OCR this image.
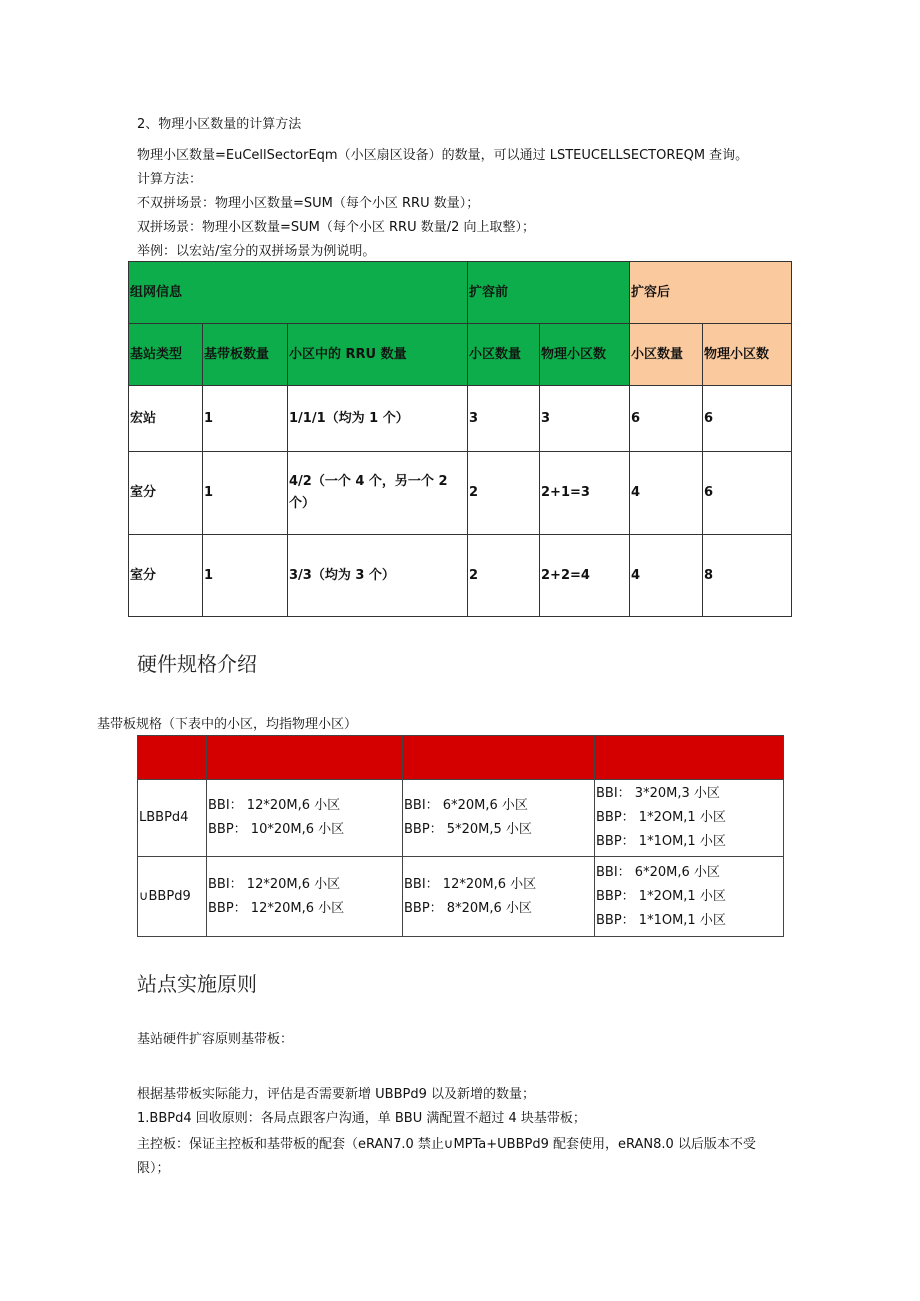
2、物理小区数量的计算方法
物理小区数量=EuCellSectorEqm（小区扇区设备）的数量，可以通过 LSTEUCELLSECTOREQM 查询。
计算方法：
不双拼场景：物理小区数量=SUM（每个小区 RRU 数量）；
双拼场景：物理小区数量=SUM（每个小区 RRU 数量/2 向上取整）；
举例：以宏站/室分的双拼场景为例说明。
组网信息			扩容前		扩容后	
基站类型	基带板数量	小区中的 RRU 数量	小区数量	物理小区数	小区数量	物理小区数
宏站	1	1/1/1（均为 1 个）	3	3	6	6
室分	1	4/2（一个 4 个，另一个 2 个）	2	2+1=3	4	6
室分	1	3/3（均为 3 个）	2	2+2=4	4	8
硬件规格介绍
基带板规格（下表中的小区，均指物理小区）

LBBPd4	BBI： 12*20M,6 小区
BBP： 10*20M,6 小区	BBI： 6*20M,6 小区
BBP： 5*20M,5 小区	BBI： 3*20M,3 小区
BBP： 1*2OM,1 小区
BBP： 1*1OM,1 小区

∪BBPd9	BBI： 12*20M,6 小区
BBP： 12*20M,6 小区	BBI： 12*20M,6 小区
BBP： 8*20M,6 小区	BBI： 6*20M,6 小区
BBP： 1*2OM,1 小区
BBP： 1*1OM,1 小区
站点实施原则
基站硬件扩容原则基带板：
根据基带板实际能力，评估是否需要新增 UBBPd9 以及新增的数量；
1.BBPd4 回收原则：各局点跟客户沟通，单 BBU 满配置不超过 4 块基带板；
主控板：保证主控板和基带板的配套（eRAN7.0 禁止∪MPTa+UBBPd9 配套使用，eRAN8.0 以后版本不受
限）；
